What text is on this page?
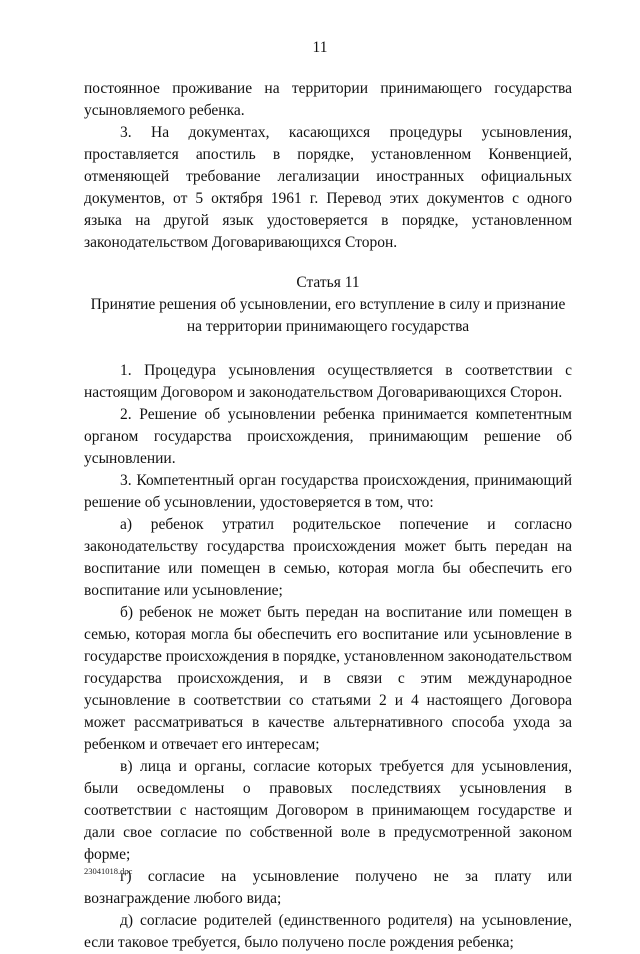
11

постоянное проживание на территории принимающего государства усыновляемого ребенка.

3. На документах, касающихся процедуры усыновления, проставляется апостиль в порядке, установленном Конвенцией, отменяющей требование легализации иностранных официальных документов, от 5 октября 1961 г. Перевод этих документов с одного языка на другой язык удостоверяется в порядке, установленном законодательством Договаривающихся Сторон.

Статья 11

Принятие решения об усыновлении, его вступление в силу и признание на территории принимающего государства

1. Процедура усыновления осуществляется в соответствии с настоящим Договором и законодательством Договаривающихся Сторон.

2. Решение об усыновлении ребенка принимается компетентным органом государства происхождения, принимающим решение об усыновлении.

3. Компетентный орган государства происхождения, принимающий решение об усыновлении, удостоверяется в том, что:

а) ребенок утратил родительское попечение и согласно законодательству государства происхождения может быть передан на воспитание или помещен в семью, которая могла бы обеспечить его воспитание или усыновление;

б) ребенок не может быть передан на воспитание или помещен в семью, которая могла бы обеспечить его воспитание или усыновление в государстве происхождения в порядке, установленном законодательством государства происхождения, и в связи с этим международное усыновление в соответствии со статьями 2 и 4 настоящего Договора может рассматриваться в качестве альтернативного способа ухода за ребенком и отвечает его интересам;

в) лица и органы, согласие которых требуется для усыновления, были осведомлены о правовых последствиях усыновления в соответствии с настоящим Договором в принимающем государстве и дали свое согласие по собственной воле в предусмотренной законом форме;

г) согласие на усыновление получено не за плату или вознаграждение любого вида;

д) согласие родителей (единственного родителя) на усыновление, если таковое требуется, было получено после рождения ребенка;

23041018.doc
